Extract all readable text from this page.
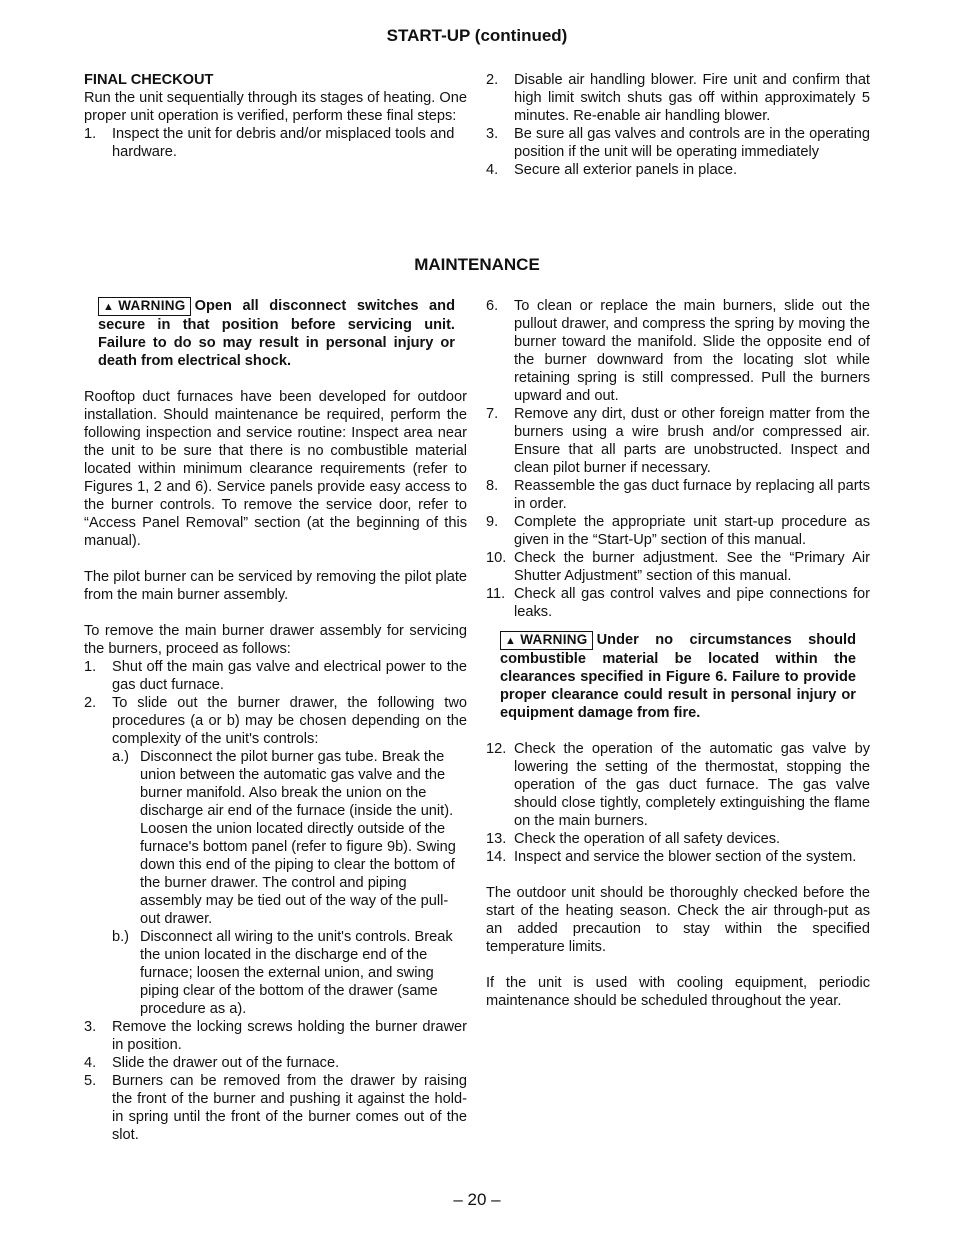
START-UP (continued)

FINAL CHECKOUT

Run the unit sequentially through its stages of heating. One proper unit operation is verified, perform these final steps:

1.	Inspect the unit for debris and/or misplaced tools and hardware.
2.	Disable air handling blower. Fire unit and confirm that high limit switch shuts gas off within approximately 5 minutes. Re-enable air handling blower.
3.	Be sure all gas valves and controls are in the operating position if the unit will be operating immediately
4.	Secure all exterior panels in place.
MAINTENANCE
▲ WARNING Open all disconnect switches and secure in that position before servicing unit. Failure to do so may result in personal injury or death from electrical shock.

Rooftop duct furnaces have been developed for outdoor installation. Should maintenance be required, perform the following inspection and service routine: Inspect area near the unit to be sure that there is no combustible material located within minimum clearance requirements (refer to Figures 1, 2 and 6). Service panels provide easy access to the burner controls. To remove the service door, refer to “Access Panel Removal” section (at the beginning of this manual).

The pilot burner can be serviced by removing the pilot plate from the main burner assembly.

To remove the main burner drawer assembly for servicing the burners, proceed as follows:

1.	Shut off the main gas valve and electrical power to the gas duct furnace.
2.	To slide out the burner drawer, the following two procedures (a or b) may be chosen depending on the complexity of the unit's controls:
a.) Disconnect the pilot burner gas tube. Break the union between the automatic gas valve and the burner manifold. Also break the union on the discharge air end of the furnace (inside the unit). Loosen the union located directly outside of the furnace's bottom panel (refer to figure 9b). Swing down this end of the piping to clear the bottom of the burner drawer. The control and piping assembly may be tied out of the way of the pull-out drawer.
b.) Disconnect all wiring to the unit's controls. Break the union located in the discharge end of the furnace; loosen the external union, and swing piping clear of the bottom of the drawer (same procedure as a).
3.	Remove the locking screws holding the burner drawer in position.
4.	Slide the drawer out of the furnace.
5.	Burners can be removed from the drawer by raising the front of the burner and pushing it against the hold-in spring until the front of the burner comes out of the slot.
6.	To clean or replace the main burners, slide out the pullout drawer, and compress the spring by moving the burner toward the manifold. Slide the opposite end of the burner downward from the locating slot while retaining spring is still compressed. Pull the burners upward and out.
7.	Remove any dirt, dust or other foreign matter from the burners using a wire brush and/or compressed air. Ensure that all parts are unobstructed. Inspect and clean pilot burner if necessary.
8.	Reassemble the gas duct furnace by replacing all parts in order.
9.	Complete the appropriate unit start-up procedure as given in the “Start-Up” section of this manual.
10. Check the burner adjustment. See the “Primary Air Shutter Adjustment” section of this manual.
11. Check all gas control valves and pipe connections for leaks.
▲ WARNING Under no circumstances should combustible material be located within the clearances specified in Figure 6. Failure to provide proper clearance could result in personal injury or equipment damage from fire.
12. Check the operation of the automatic gas valve by lowering the setting of the thermostat, stopping the operation of the gas duct furnace. The gas valve should close tightly, completely extinguishing the flame on the main burners.
13. Check the operation of all safety devices.
14. Inspect and service the blower section of the system.

The outdoor unit should be thoroughly checked before the start of the heating season. Check the air through-put as an added precaution to stay within the specified temperature limits.

If the unit is used with cooling equipment, periodic maintenance should be scheduled throughout the year.

– 20 –
